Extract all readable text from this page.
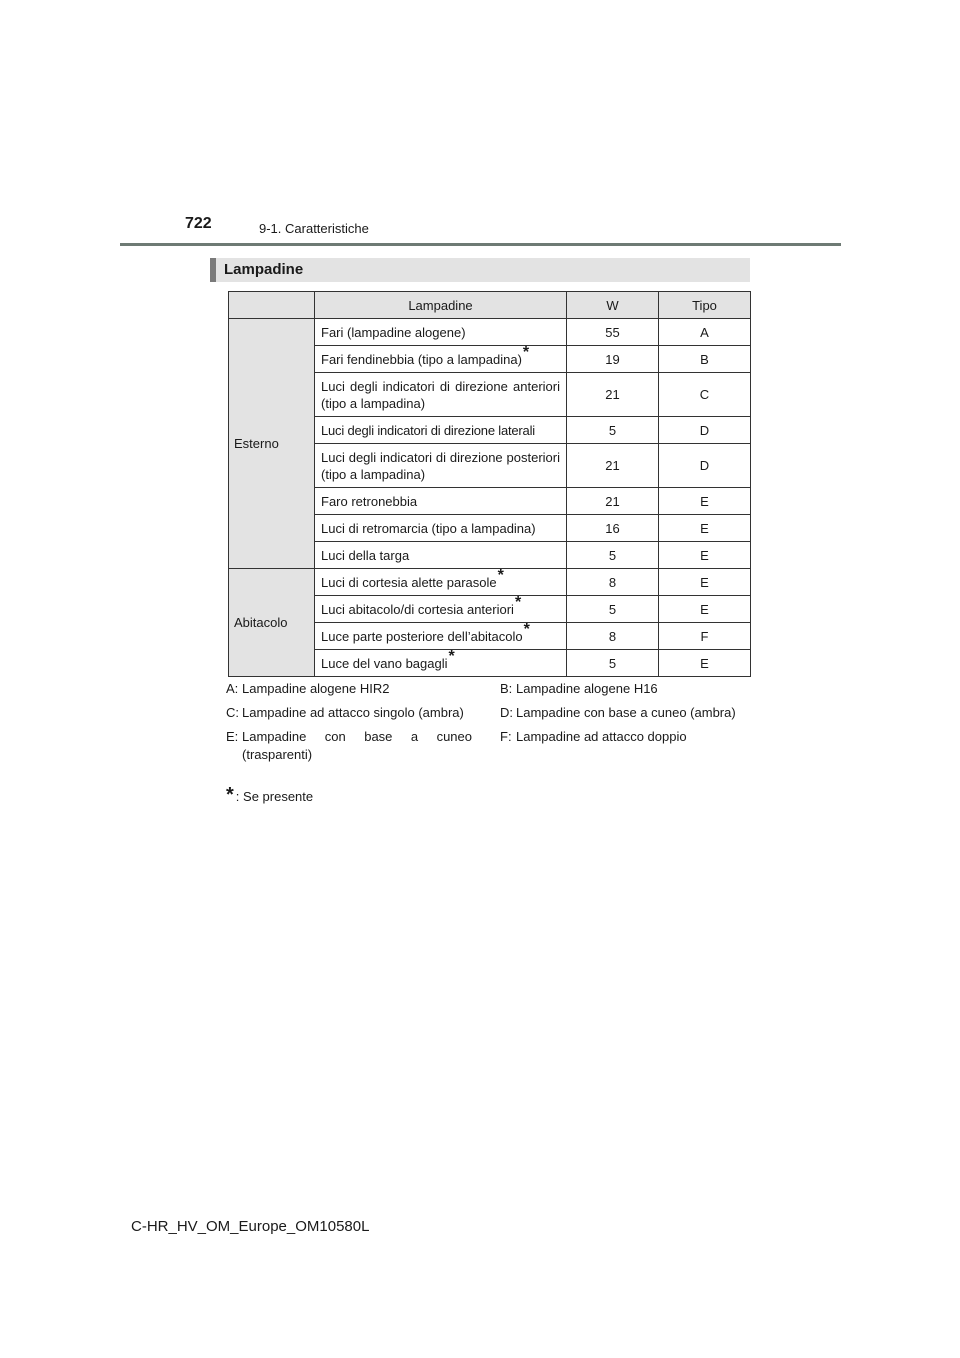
722	9-1. Caratteristiche
Lampadine
	Lampadine	W	Tipo
Esterno	Fari (lampadine alogene)	55	A
	Fari fendinebbia (tipo a lampadina)*	19	B
	Luci degli indicatori di direzione anteriori (tipo a lampadina)	21	C
	Luci degli indicatori di direzione laterali	5	D
	Luci degli indicatori di direzione posteriori (tipo a lampadina)	21	D
	Faro retronebbia	21	E
	Luci di retromarcia (tipo a lampadina)	16	E
	Luci della targa	5	E
Abitacolo	Luci di cortesia alette parasole*	8	E
	Luci abitacolo/di cortesia anteriori*	5	E
	Luce parte posteriore dell’abitacolo*	8	F
	Luce del vano bagagli*	5	E
A: Lampadine alogene HIR2	B: Lampadine alogene H16
C: Lampadine ad attacco singolo (ambra)	D: Lampadine con base a cuneo (ambra)
E: Lampadine con base a cuneo (trasparenti)
F: Lampadine ad attacco doppio
* : Se presente
C-HR_HV_OM_Europe_OM10580L
